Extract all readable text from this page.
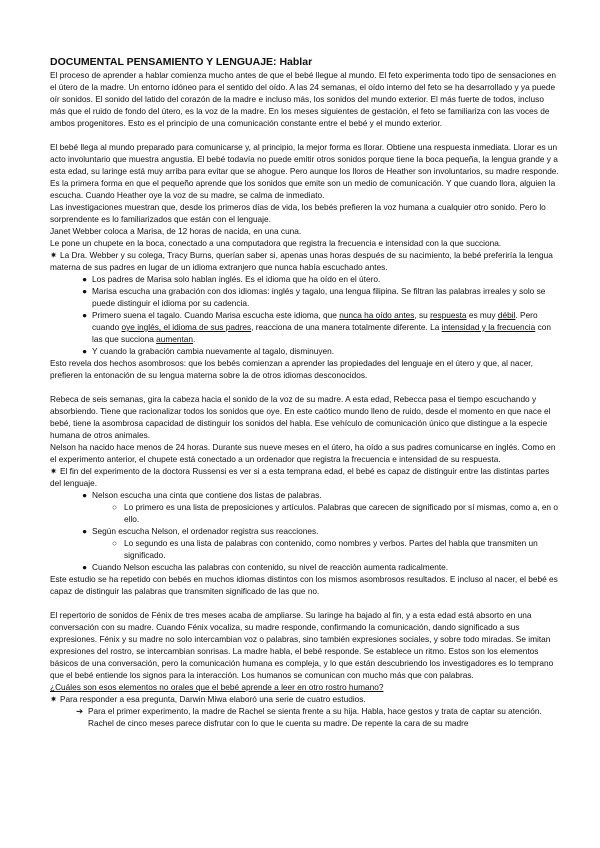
DOCUMENTAL PENSAMIENTO Y LENGUAJE: Hablar

El proceso de aprender a hablar comienza mucho antes de que el bebé llegue al mundo. El feto experimenta todo tipo de sensaciones en el útero de la madre. Un entorno idóneo para el sentido del oído. A las 24 semanas, el oído interno del feto se ha desarrollado y ya puede oír sonidos. El sonido del latido del corazón de la madre e incluso más, los sonidos del mundo exterior. El más fuerte de todos, incluso más que el ruido de fondo del útero, es la voz de la madre. En los meses siguientes de gestación, el feto se familiariza con las voces de ambos progenitores. Esto es el principio de una comunicación constante entre el bebé y el mundo exterior.

El bebé llega al mundo preparado para comunicarse y, al principio, la mejor forma es llorar. Obtiene una respuesta inmediata. Llorar es un acto involuntario que muestra angustia. El bebé todavía no puede emitir otros sonidos porque tiene la boca pequeña, la lengua grande y a esta edad, su laringe está muy arriba para evitar que se ahogue. Pero aunque los lloros de Heather son involuntarios, su madre responde. Es la primera forma en que el pequeño aprende que los sonidos que emite son un medio de comunicación. Y que cuando llora, alguien la escucha. Cuando Heather oye la voz de su madre, se calma de inmediato.

Las investigaciones muestran que, desde los primeros días de vida, los bebés prefieren la voz humana a cualquier otro sonido. Pero lo sorprendente es lo familiarizados que están con el lenguaje.

Janet Webber coloca a Marisa, de 12 horas de nacida, en una cuna.

Le pone un chupete en la boca, conectado a una computadora que registra la frecuencia e intensidad con la que succiona.

✷ La Dra. Webber y su colega, Tracy Burns, querían saber si, apenas unas horas después de su nacimiento, la bebé preferiría la lengua materna de sus padres en lugar de un idioma extranjero que nunca había escuchado antes.

● Los padres de Marisa solo hablan inglés. Es el idioma que ha oído en el útero.
● Marisa escucha una grabación con dos idiomas: inglés y tagalo, una lengua filipina. Se filtran las palabras irreales y solo se puede distinguir el idioma por su cadencia.
● Primero suena el tagalo. Cuando Marisa escucha este idioma, que nunca ha oído antes, su respuesta es muy débil. Pero cuando oye inglés, el idioma de sus padres, reacciona de una manera totalmente diferente. La intensidad y la frecuencia con las que succiona aumentan.
● Y cuando la grabación cambia nuevamente al tagalo, disminuyen.

Esto revela dos hechos asombrosos: que los bebés comienzan a aprender las propiedades del lenguaje en el útero y que, al nacer, prefieren la entonación de su lengua materna sobre la de otros idiomas desconocidos.

Rebeca de seis semanas, gira la cabeza hacia el sonido de la voz de su madre. A esta edad, Rebecca pasa el tiempo escuchando y absorbiendo. Tiene que racionalizar todos los sonidos que oye. En este caótico mundo lleno de ruido, desde el momento en que nace el bebé, tiene la asombrosa capacidad de distinguir los sonidos del habla. Ese vehículo de comunicación único que distingue a la especie humana de otros animales.

Nelson ha nacido hace menos de 24 horas. Durante sus nueve meses en el útero, ha oído a sus padres comunicarse en inglés. Como en el experimento anterior, el chupete está conectado a un ordenador que registra la frecuencia e intensidad de su respuesta.

✷ El fin del experimento de la doctora Russensi es ver si a esta temprana edad, el bebé es capaz de distinguir entre las distintas partes del lenguaje.

● Nelson escucha una cinta que contiene dos listas de palabras.
○ Lo primero es una lista de preposiciones y artículos. Palabras que carecen de significado por sí mismas, como a, en o ello.
● Según escucha Nelson, el ordenador registra sus reacciones.
○ Lo segundo es una lista de palabras con contenido, como nombres y verbos. Partes del habla que transmiten un significado.
● Cuando Nelson escucha las palabras con contenido, su nivel de reacción aumenta radicalmente.

Este estudio se ha repetido con bebés en muchos idiomas distintos con los mismos asombrosos resultados. E incluso al nacer, el bebé es capaz de distinguir las palabras que transmiten significado de las que no.

El repertorio de sonidos de Fénix de tres meses acaba de ampliarse. Su laringe ha bajado al fin, y a esta edad está absorto en una conversación con su madre. Cuando Fénix vocaliza, su madre responde, confirmando la comunicación, dando significado a sus expresiones. Fénix y su madre no solo intercambian voz o palabras, sino también expresiones sociales, y sobre todo miradas. Se imitan expresiones del rostro, se intercambian sonrisas. La madre habla, el bebé responde. Se establece un ritmo. Estos son los elementos básicos de una conversación, pero la comunicación humana es compleja, y lo que están descubriendo los investigadores es lo temprano que el bebé entiende los signos para la interacción. Los humanos se comunican con mucho más que con palabras.

¿Cuáles son esos elementos no orales que el bebé aprende a leer en otro rostro humano?

✷ Para responder a esa pregunta, Darwin Miwa elaboró una serie de cuatro estudios.

➔ Para el primer experimento, la madre de Rachel se sienta frente a su hija. Habla, hace gestos y trata de captar su atención. Rachel de cinco meses parece disfrutar con lo que le cuenta su madre. De repente la cara de su madre
